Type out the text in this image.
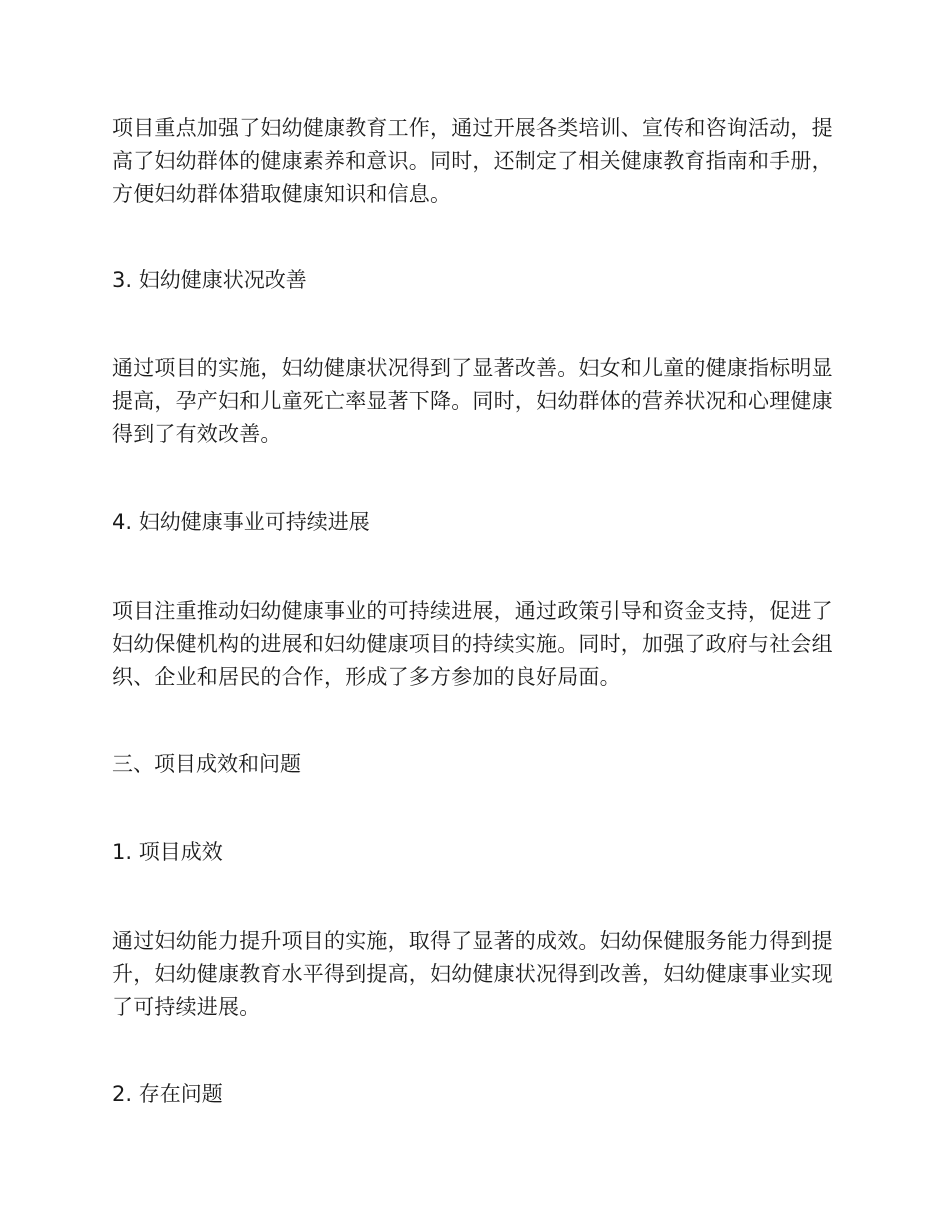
项目重点加强了妇幼健康教育工作，通过开展各类培训、宣传和咨询活动，提高了妇幼群体的健康素养和意识。同时，还制定了相关健康教育指南和手册，方便妇幼群体猎取健康知识和信息。

3. 妇幼健康状况改善

通过项目的实施，妇幼健康状况得到了显著改善。妇女和儿童的健康指标明显提高，孕产妇和儿童死亡率显著下降。同时，妇幼群体的营养状况和心理健康得到了有效改善。

4. 妇幼健康事业可持续进展

项目注重推动妇幼健康事业的可持续进展，通过政策引导和资金支持，促进了妇幼保健机构的进展和妇幼健康项目的持续实施。同时，加强了政府与社会组织、企业和居民的合作，形成了多方参加的良好局面。

三、项目成效和问题
1. 项目成效

通过妇幼能力提升项目的实施，取得了显著的成效。妇幼保健服务能力得到提升，妇幼健康教育水平得到提高，妇幼健康状况得到改善，妇幼健康事业实现了可持续进展。

2. 存在问题
